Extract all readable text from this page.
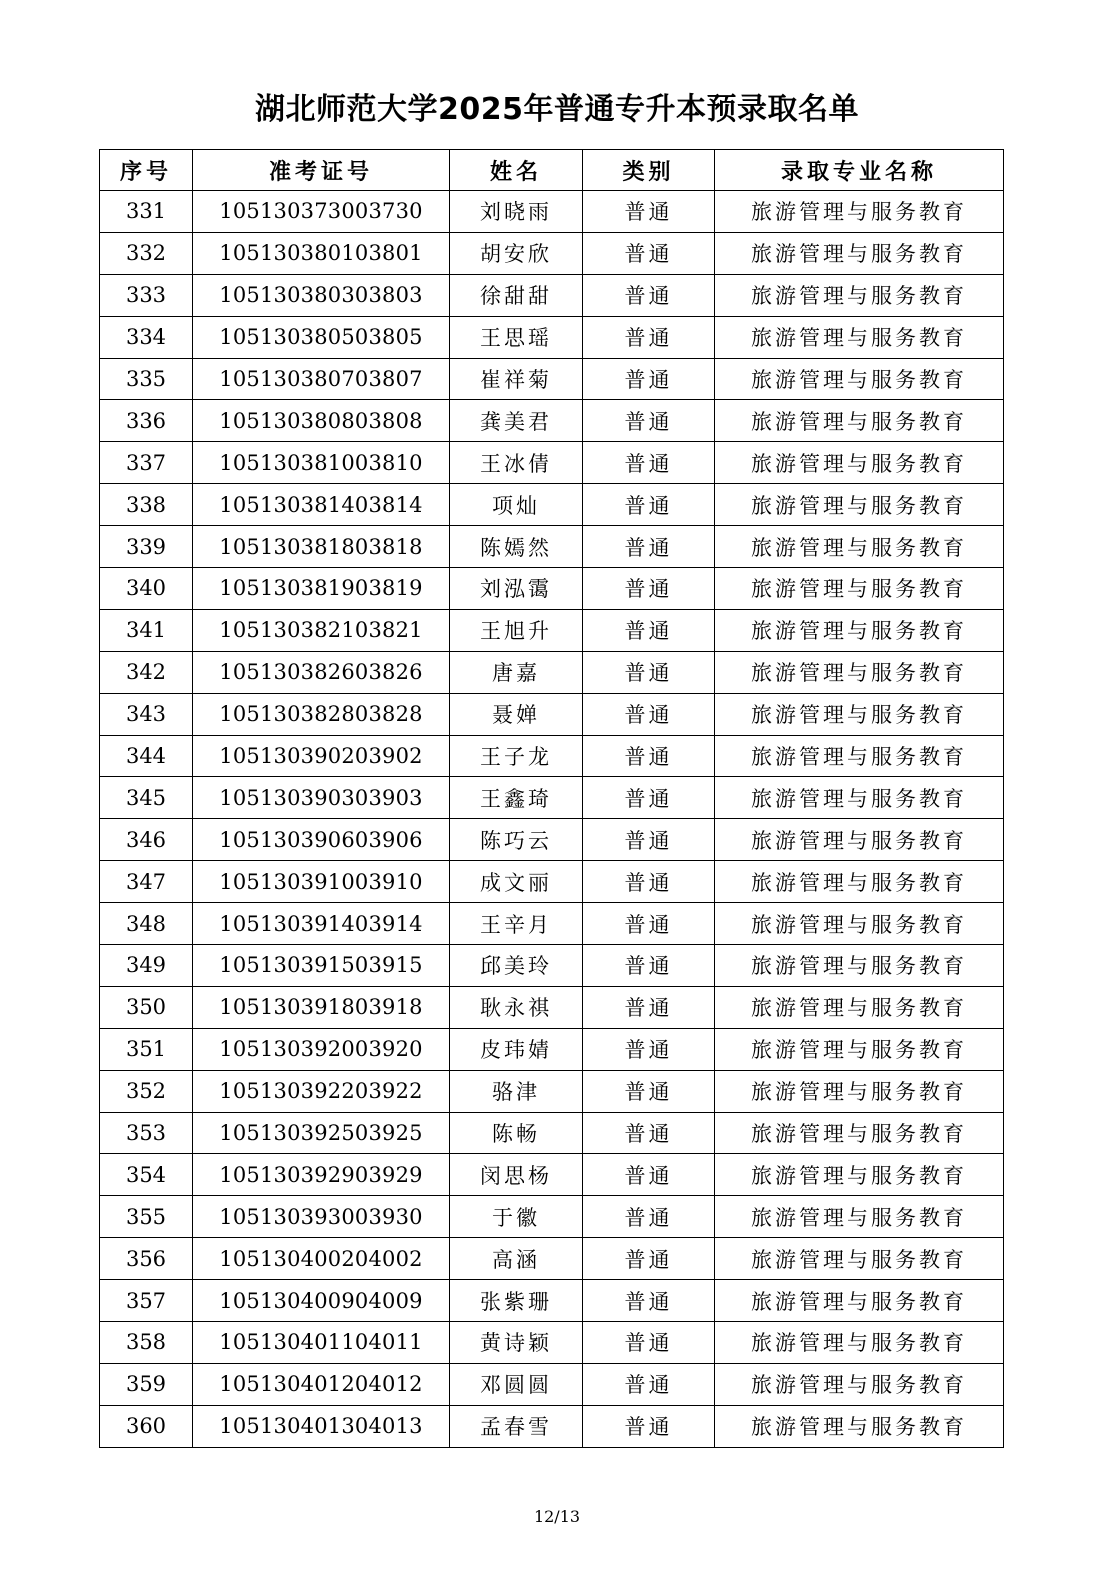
湖北师范大学2025年普通专升本预录取名单
序号	准考证号	姓名	类别	录取专业名称
331	105130373003730	刘晓雨	普通	旅游管理与服务教育
332	105130380103801	胡安欣	普通	旅游管理与服务教育
333	105130380303803	徐甜甜	普通	旅游管理与服务教育
334	105130380503805	王思瑶	普通	旅游管理与服务教育
335	105130380703807	崔祥菊	普通	旅游管理与服务教育
336	105130380803808	龚美君	普通	旅游管理与服务教育
337	105130381003810	王冰倩	普通	旅游管理与服务教育
338	105130381403814	项灿	普通	旅游管理与服务教育
339	105130381803818	陈嫣然	普通	旅游管理与服务教育
340	105130381903819	刘泓霭	普通	旅游管理与服务教育
341	105130382103821	王旭升	普通	旅游管理与服务教育
342	105130382603826	唐嘉	普通	旅游管理与服务教育
343	105130382803828	聂婵	普通	旅游管理与服务教育
344	105130390203902	王子龙	普通	旅游管理与服务教育
345	105130390303903	王鑫琦	普通	旅游管理与服务教育
346	105130390603906	陈巧云	普通	旅游管理与服务教育
347	105130391003910	成文丽	普通	旅游管理与服务教育
348	105130391403914	王辛月	普通	旅游管理与服务教育
349	105130391503915	邱美玲	普通	旅游管理与服务教育
350	105130391803918	耿永祺	普通	旅游管理与服务教育
351	105130392003920	皮玮婧	普通	旅游管理与服务教育
352	105130392203922	骆津	普通	旅游管理与服务教育
353	105130392503925	陈畅	普通	旅游管理与服务教育
354	105130392903929	闵思杨	普通	旅游管理与服务教育
355	105130393003930	于徽	普通	旅游管理与服务教育
356	105130400204002	高涵	普通	旅游管理与服务教育
357	105130400904009	张紫珊	普通	旅游管理与服务教育
358	105130401104011	黄诗颖	普通	旅游管理与服务教育
359	105130401204012	邓圆圆	普通	旅游管理与服务教育
360	105130401304013	孟春雪	普通	旅游管理与服务教育
12/13
